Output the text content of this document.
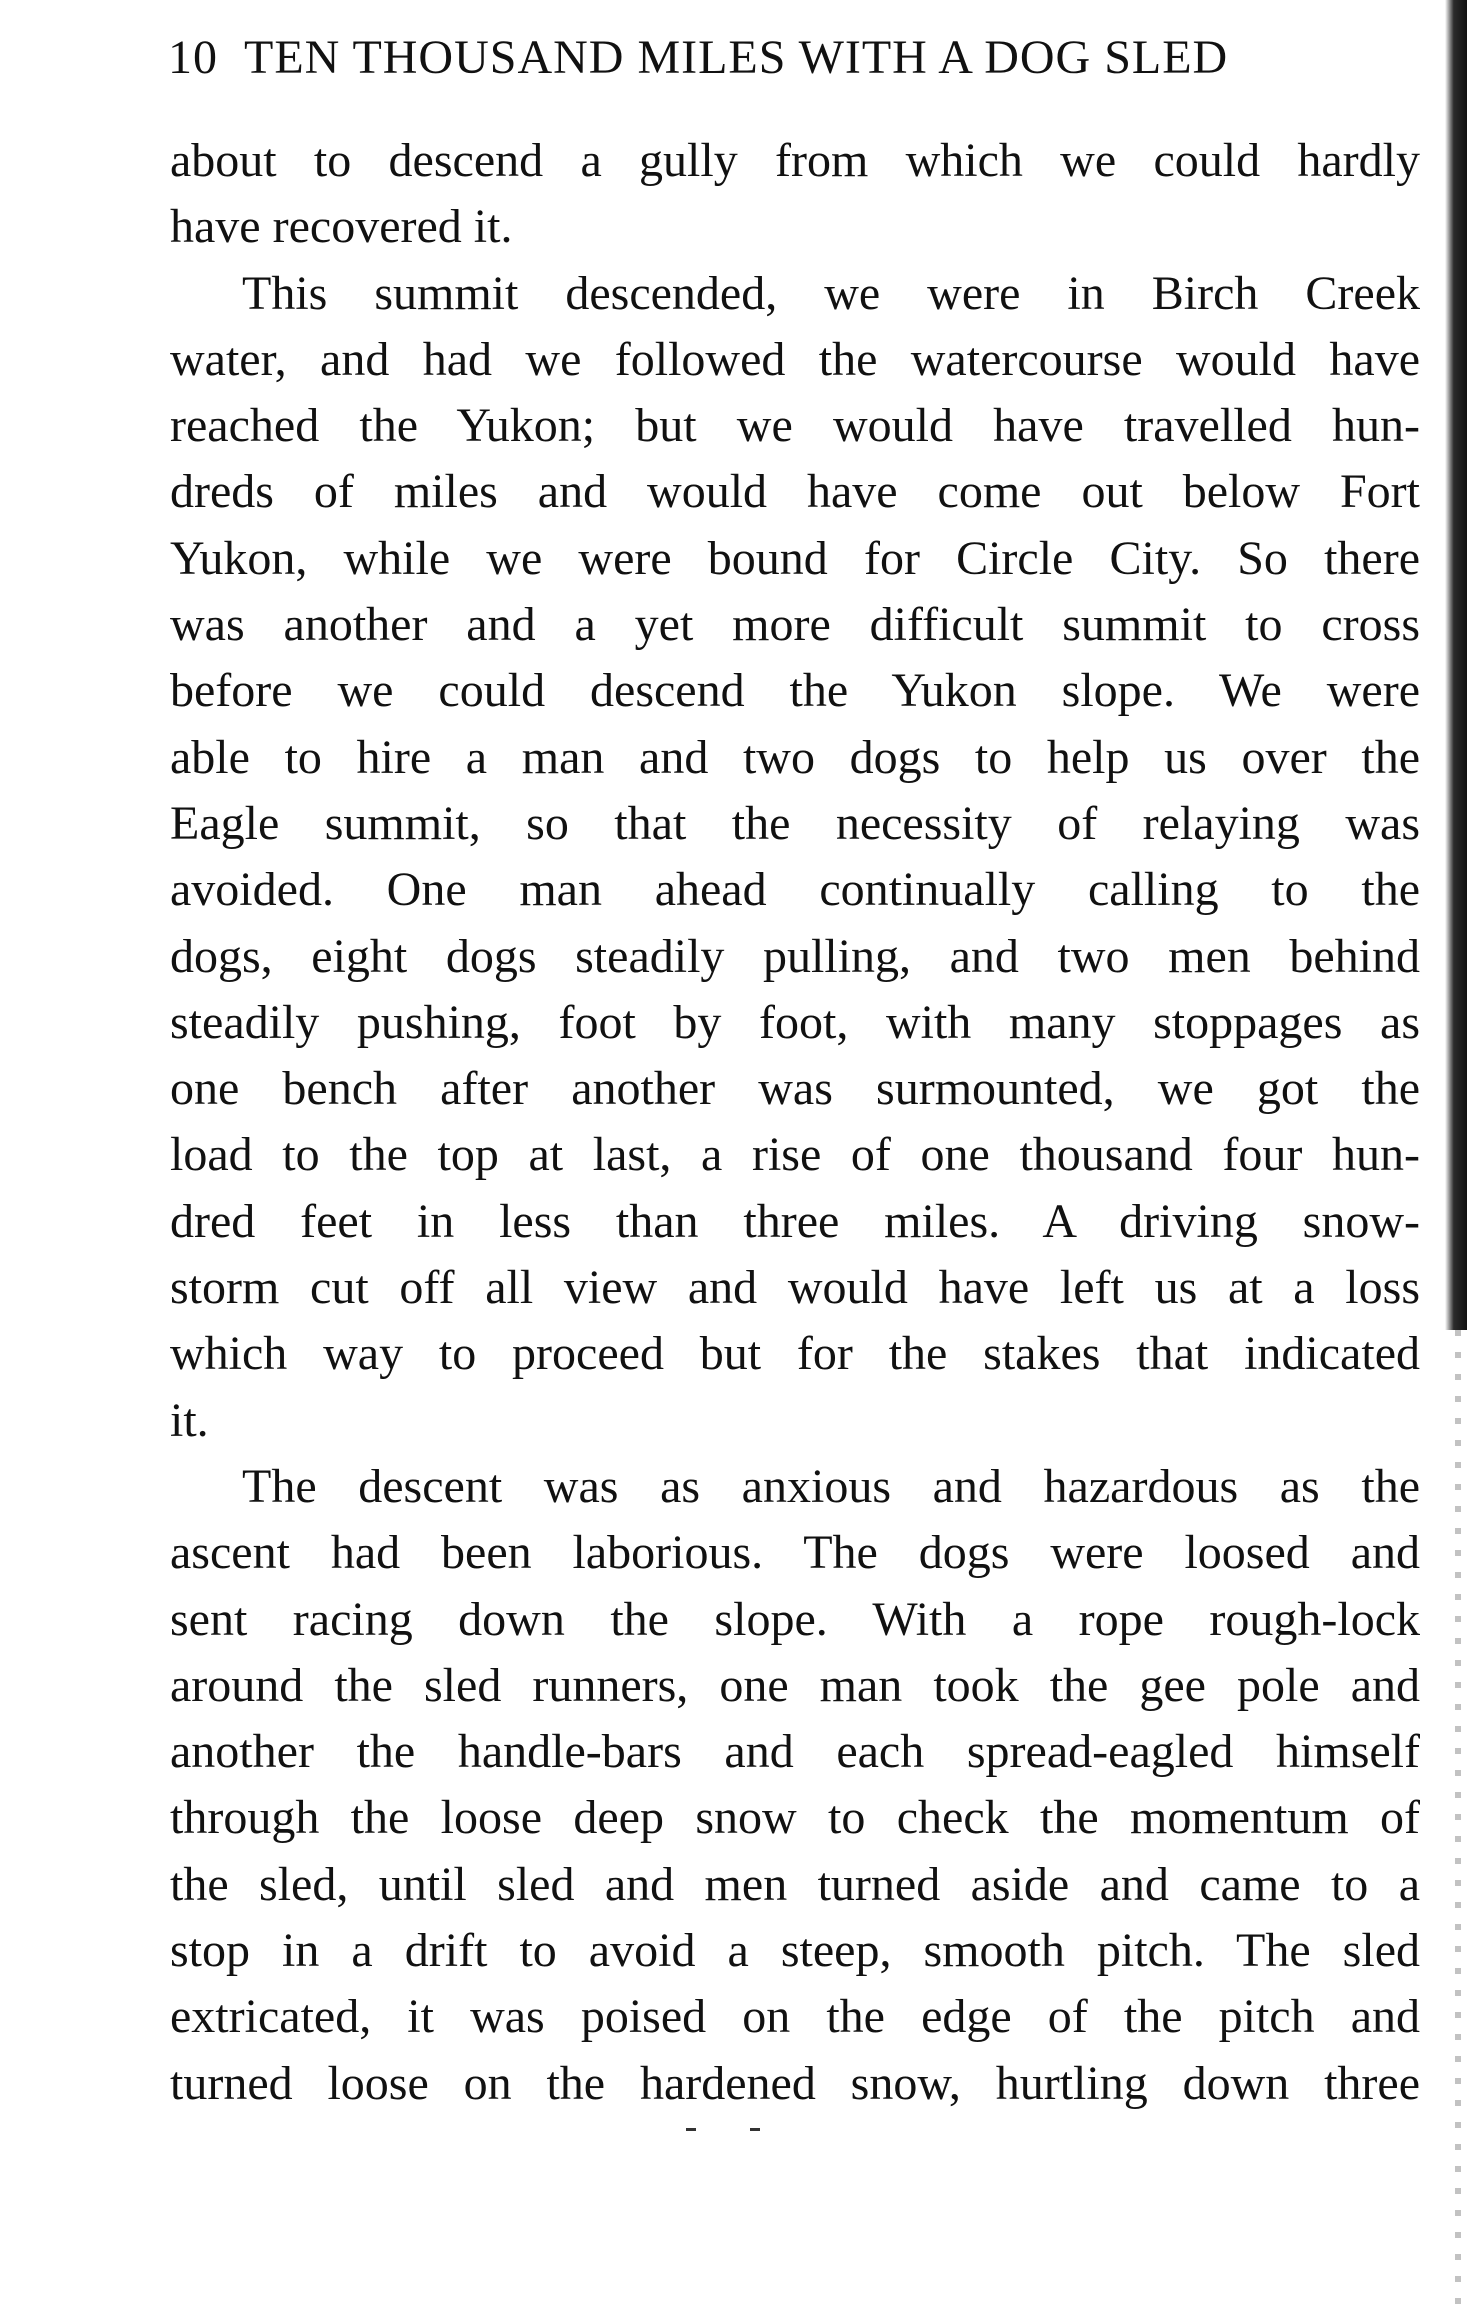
10 TEN THOUSAND MILES WITH A DOG SLED
about to descend a gully from which we could hardly
have recovered it.
This summit descended, we were in Birch Creek
water, and had we followed the watercourse would have
reached the Yukon; but we would have travelled hun-
dreds of miles and would have come out below Fort
Yukon, while we were bound for Circle City. So there
was another and a yet more difficult summit to cross
before we could descend the Yukon slope. We were
able to hire a man and two dogs to help us over the
Eagle summit, so that the necessity of relaying was
avoided. One man ahead continually calling to the
dogs, eight dogs steadily pulling, and two men behind
steadily pushing, foot by foot, with many stoppages as
one bench after another was surmounted, we got the
load to the top at last, a rise of one thousand four hun-
dred feet in less than three miles. A driving snow-
storm cut off all view and would have left us at a loss
which way to proceed but for the stakes that indicated
it.
The descent was as anxious and hazardous as the
ascent had been laborious. The dogs were loosed and
sent racing down the slope. With a rope rough-lock
around the sled runners, one man took the gee pole and
another the handle-bars and each spread-eagled himself
through the loose deep snow to check the momentum of
the sled, until sled and men turned aside and came to a
stop in a drift to avoid a steep, smooth pitch. The sled
extricated, it was poised on the edge of the pitch and
turned loose on the hardened snow, hurtling down three
